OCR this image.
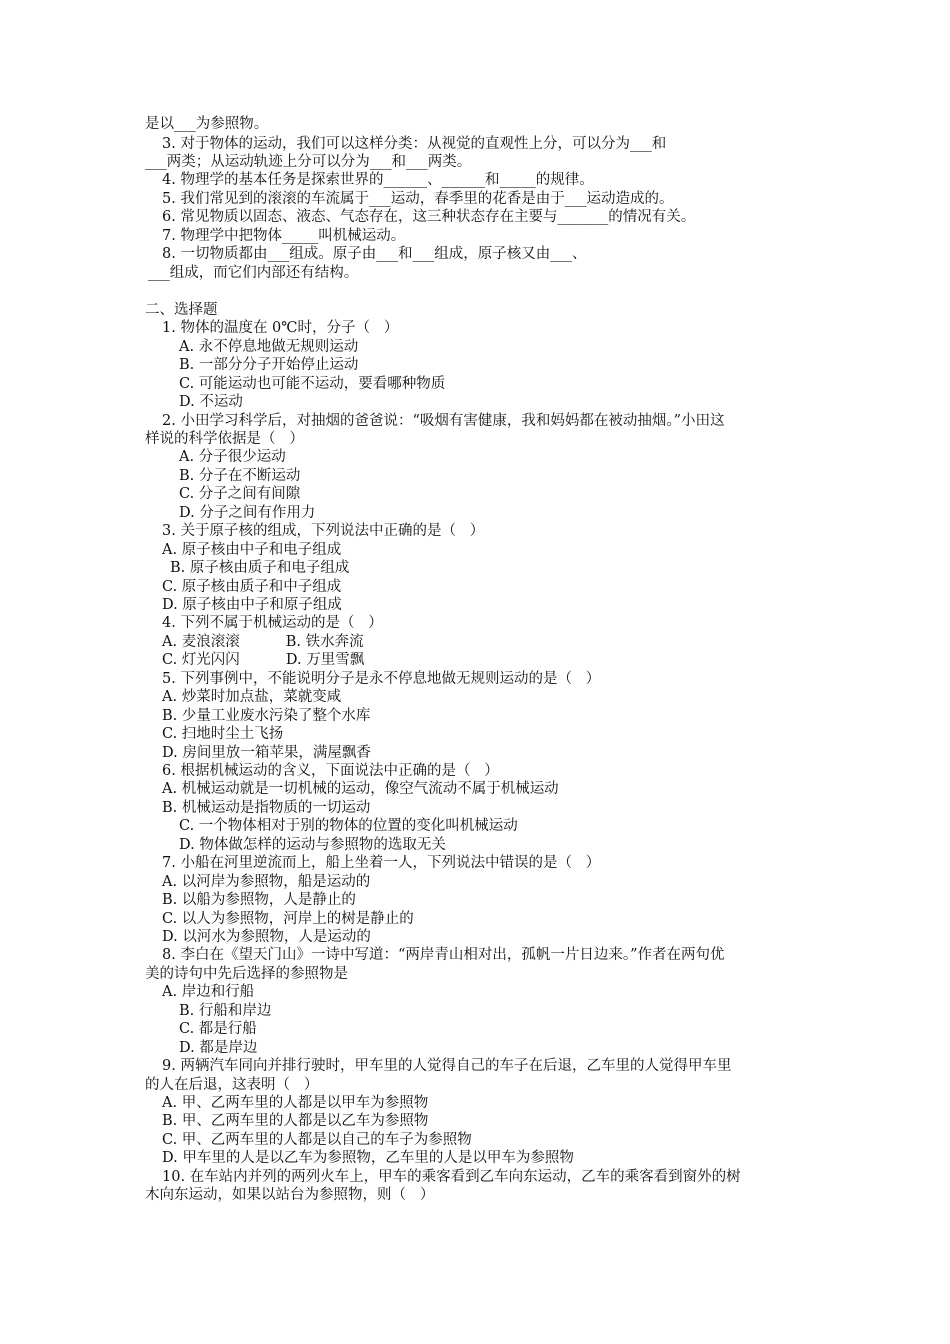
是以___为参照物。
3. 对于物体的运动，我们可以这样分类：从视觉的直观性上分，可以分为___和
___两类；从运动轨迹上分可以分为___和___两类。
4. 物理学的基本任务是探索世界的______、______和_____的规律。
5. 我们常见到的滚滚的车流属于___运动，春季里的花香是由于___运动造成的。
6. 常见物质以固态、液态、气态存在，这三种状态存在主要与_______的情况有关。
7. 物理学中把物体_____叫机械运动。
8. 一切物质都由___组成。原子由___和___组成，原子核又由___、
___组成，而它们内部还有结构。
二、选择题
1. 物体的温度在 0℃时，分子（   ）
A. 永不停息地做无规则运动
B. 一部分分子开始停止运动
C. 可能运动也可能不运动，要看哪种物质
D. 不运动
2. 小田学习科学后，对抽烟的爸爸说：“吸烟有害健康，我和妈妈都在被动抽烟。”小田这
样说的科学依据是（   ）
A. 分子很少运动
B. 分子在不断运动
C. 分子之间有间隙
D. 分子之间有作用力
3. 关于原子核的组成，下列说法中正确的是（   ）
A. 原子核由中子和电子组成
B. 原子核由质子和电子组成
C. 原子核由质子和中子组成
D. 原子核由中子和原子组成
4. 下列不属于机械运动的是（   ）
A. 麦浪滚滚          B. 铁水奔流
C. 灯光闪闪          D. 万里雪飘
5. 下列事例中，不能说明分子是永不停息地做无规则运动的是（   ）
A. 炒菜时加点盐，菜就变咸
B. 少量工业废水污染了整个水库
C. 扫地时尘土飞扬
D. 房间里放一箱苹果，满屋飘香
6. 根据机械运动的含义，下面说法中正确的是（   ）
A. 机械运动就是一切机械的运动，像空气流动不属于机械运动
B. 机械运动是指物质的一切运动
C. 一个物体相对于别的物体的位置的变化叫机械运动
D. 物体做怎样的运动与参照物的选取无关
7. 小船在河里逆流而上，船上坐着一人，下列说法中错误的是（   ）
A. 以河岸为参照物，船是运动的
B. 以船为参照物，人是静止的
C. 以人为参照物，河岸上的树是静止的
D. 以河水为参照物，人是运动的
8. 李白在《望天门山》一诗中写道：“两岸青山相对出，孤帆一片日边来。”作者在两句优
美的诗句中先后选择的参照物是
A. 岸边和行船
B. 行船和岸边
C. 都是行船
D. 都是岸边
9. 两辆汽车同向并排行驶时，甲车里的人觉得自己的车子在后退，乙车里的人觉得甲车里
的人在后退，这表明（   ）
A. 甲、乙两车里的人都是以甲车为参照物
B. 甲、乙两车里的人都是以乙车为参照物
C. 甲、乙两车里的人都是以自己的车子为参照物
D. 甲车里的人是以乙车为参照物，乙车里的人是以甲车为参照物
10. 在车站内并列的两列火车上，甲车的乘客看到乙车向东运动，乙车的乘客看到窗外的树
木向东运动，如果以站台为参照物，则（   ）
